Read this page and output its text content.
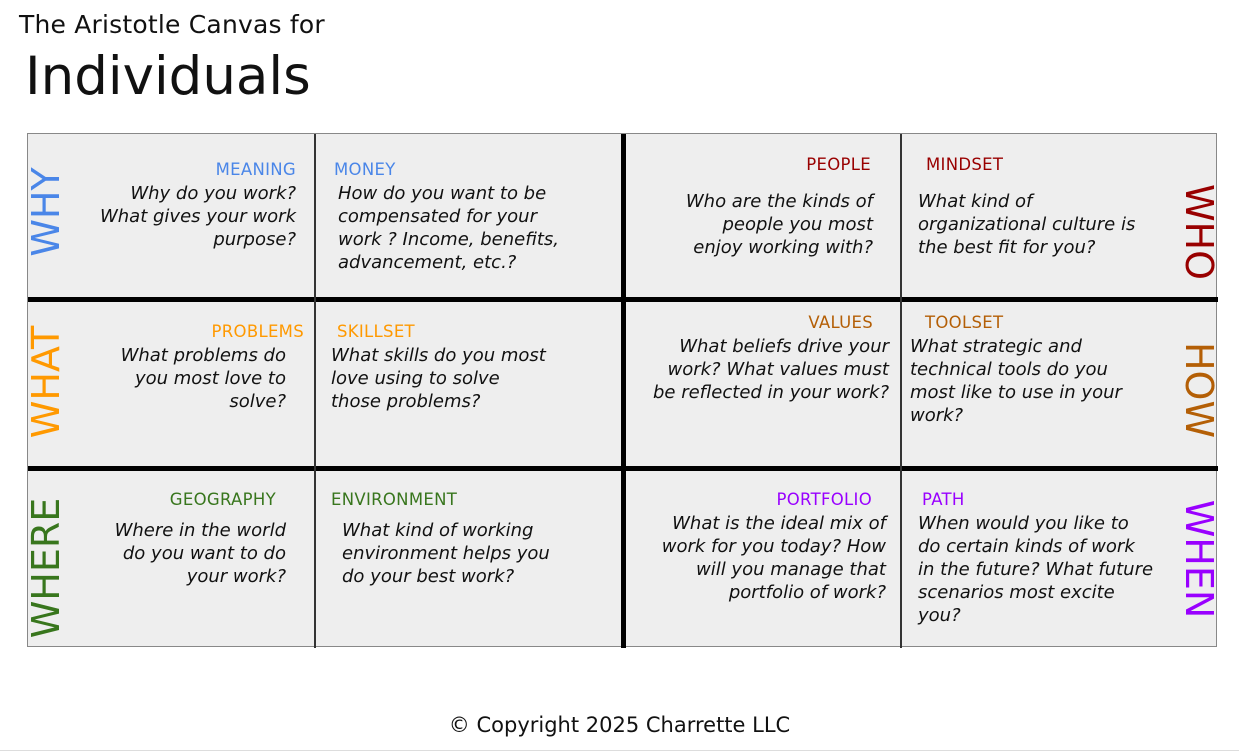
The Aristotle Canvas for
Individuals
WHY
WHAT
WHERE
WHO
HOW
WHEN
MEANING
Why do you work?
What gives your work
purpose?
MONEY
How do you want to be
compensated for your
work ? Income, benefits,
advancement, etc.?
PEOPLE
Who are the kinds of
people you most
enjoy working with?
MINDSET
What kind of
organizational culture is
the best fit for you?
PROBLEMS
What problems do
you most love to
solve?
SKILLSET
What skills do you most
love using to solve
those problems?
VALUES
What beliefs drive your
work? What values must
be reflected in your work?
TOOLSET
What strategic and
technical tools do you
most like to use in your
work?
GEOGRAPHY
Where in the world
do you want to do
your work?
ENVIRONMENT
What kind of working
environment helps you
do your best work?
PORTFOLIO
What is the ideal mix of
work for you today? How
will you manage that
portfolio of work?
PATH
When would you like to
do certain kinds of work
in the future? What future
scenarios most excite
you?
© Copyright 2025 Charrette LLC
